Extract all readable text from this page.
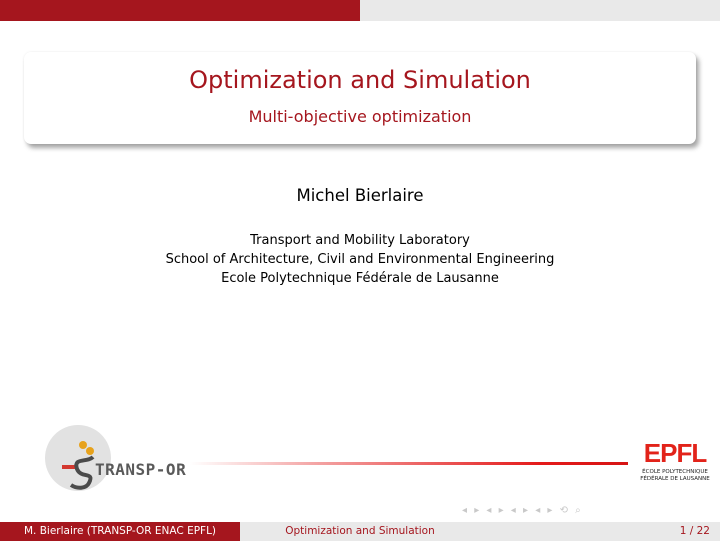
Optimization and Simulation
Multi-objective optimization
Michel Bierlaire
Transport and Mobility Laboratory
School of Architecture, Civil and Environmental Engineering
Ecole Polytechnique Fédérale de Lausanne
TRANSP-OR
EPFL
ÉCOLE POLYTECHNIQUE
FÉDÉRALE DE LAUSANNE
◂ ▸ ◂ ▸ ◂ ▸ ◂ ▸ ⟲ ⌕
M. Bierlaire (TRANSP-OR ENAC EPFL)	Optimization and Simulation	1 / 22
